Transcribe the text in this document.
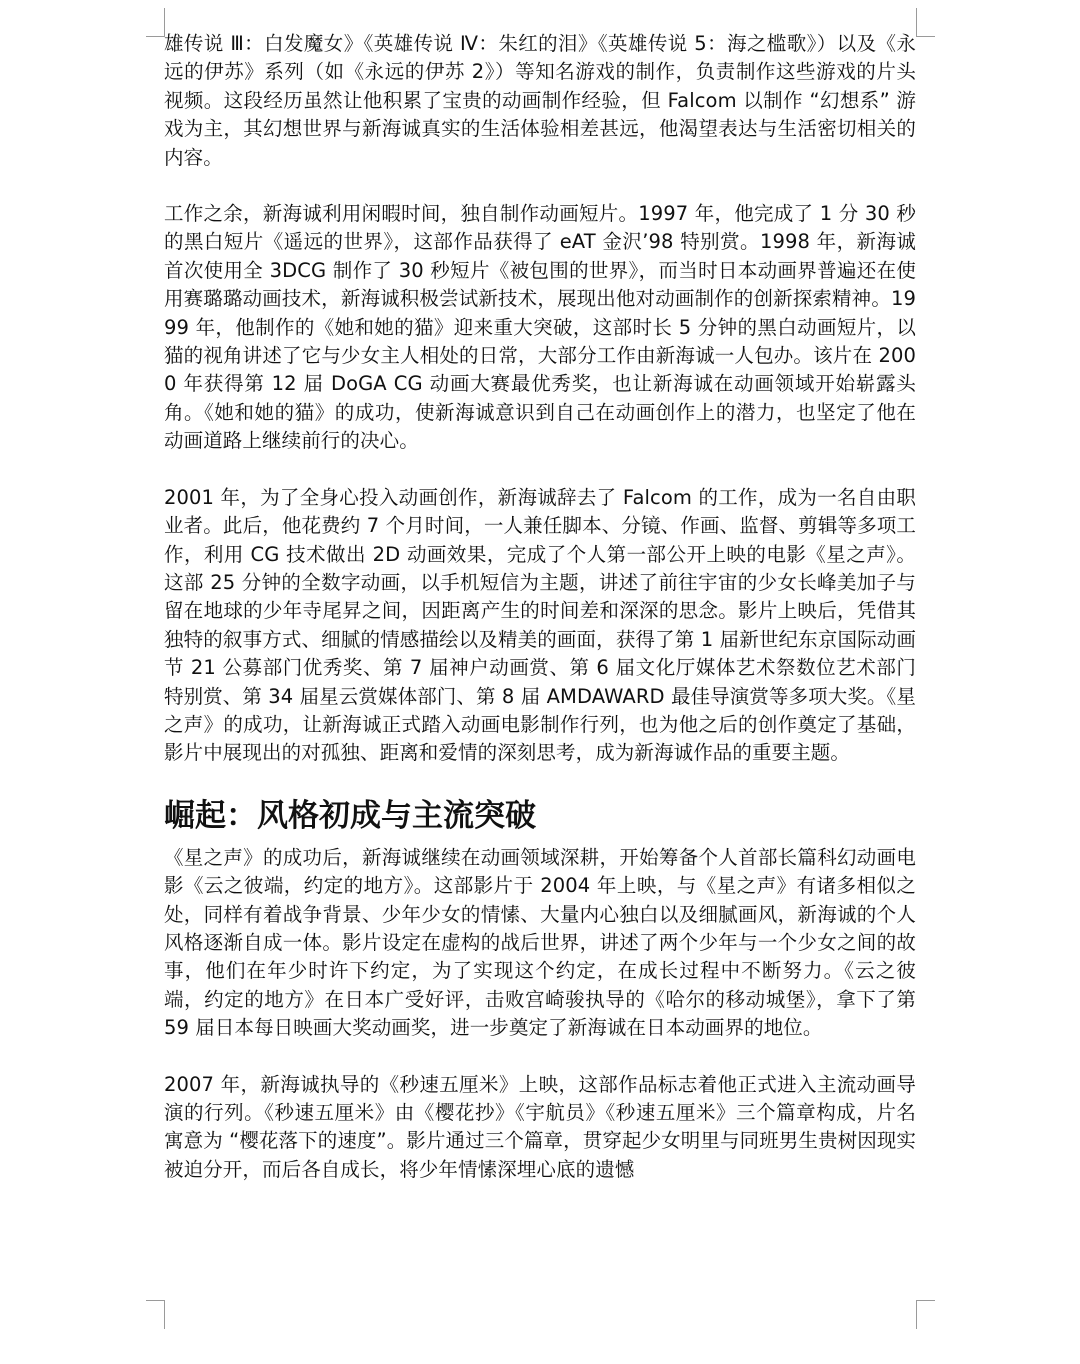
雄传说 Ⅲ：白发魔女》《英雄传说 Ⅳ：朱红的泪》《英雄传说 5：海之槛歌》）以及《永远的伊苏》系列（如《永远的伊苏 2》）等知名游戏的制作，负责制作这些游戏的片头视频。这段经历虽然让他积累了宝贵的动画制作经验，但 Falcom 以制作 “幻想系” 游戏为主，其幻想世界与新海诚真实的生活体验相差甚远，他渴望表达与生活密切相关的内容。

工作之余，新海诚利用闲暇时间，独自制作动画短片。1997 年，他完成了 1 分 30 秒的黑白短片《遥远的世界》，这部作品获得了 eAT 金沢’98 特别赏。1998 年，新海诚首次使用全 3DCG 制作了 30 秒短片《被包围的世界》，而当时日本动画界普遍还在使用赛璐璐动画技术，新海诚积极尝试新技术，展现出他对动画制作的创新探索精神。1999 年，他制作的《她和她的猫》迎来重大突破，这部时长 5 分钟的黑白动画短片，以猫的视角讲述了它与少女主人相处的日常，大部分工作由新海诚一人包办。该片在 2000 年获得第 12 届 DoGA CG 动画大赛最优秀奖，也让新海诚在动画领域开始崭露头角。《她和她的猫》的成功，使新海诚意识到自己在动画创作上的潜力，也坚定了他在动画道路上继续前行的决心。

2001 年，为了全身心投入动画创作，新海诚辞去了 Falcom 的工作，成为一名自由职业者。此后，他花费约 7 个月时间，一人兼任脚本、分镜、作画、监督、剪辑等多项工作，利用 CG 技术做出 2D 动画效果，完成了个人第一部公开上映的电影《星之声》。这部 25 分钟的全数字动画，以手机短信为主题，讲述了前往宇宙的少女长峰美加子与留在地球的少年寺尾昇之间，因距离产生的时间差和深深的思念。影片上映后，凭借其独特的叙事方式、细腻的情感描绘以及精美的画面，获得了第 1 届新世纪东京国际动画节 21 公募部门优秀奖、第 7 届神户动画赏、第 6 届文化厅媒体艺术祭数位艺术部门特别赏、第 34 届星云赏媒体部门、第 8 届 AMDAWARD 最佳导演赏等多项大奖。《星之声》的成功，让新海诚正式踏入动画电影制作行列，也为他之后的创作奠定了基础，影片中展现出的对孤独、距离和爱情的深刻思考，成为新海诚作品的重要主题。

崛起：风格初成与主流突破

《星之声》的成功后，新海诚继续在动画领域深耕，开始筹备个人首部长篇科幻动画电影《云之彼端，约定的地方》。这部影片于 2004 年上映，与《星之声》有诸多相似之处，同样有着战争背景、少年少女的情愫、大量内心独白以及细腻画风，新海诚的个人风格逐渐自成一体。影片设定在虚构的战后世界，讲述了两个少年与一个少女之间的故事，他们在年少时许下约定，为了实现这个约定，在成长过程中不断努力。《云之彼端，约定的地方》在日本广受好评，击败宫崎骏执导的《哈尔的移动城堡》，拿下了第 59 届日本每日映画大奖动画奖，进一步奠定了新海诚在日本动画界的地位。

2007 年，新海诚执导的《秒速五厘米》上映，这部作品标志着他正式进入主流动画导演的行列。《秒速五厘米》由《樱花抄》《宇航员》《秒速五厘米》三个篇章构成，片名寓意为 “樱花落下的速度”。影片通过三个篇章，贯穿起少女明里与同班男生贵树因现实被迫分开，而后各自成长，将少年情愫深埋心底的遗憾
